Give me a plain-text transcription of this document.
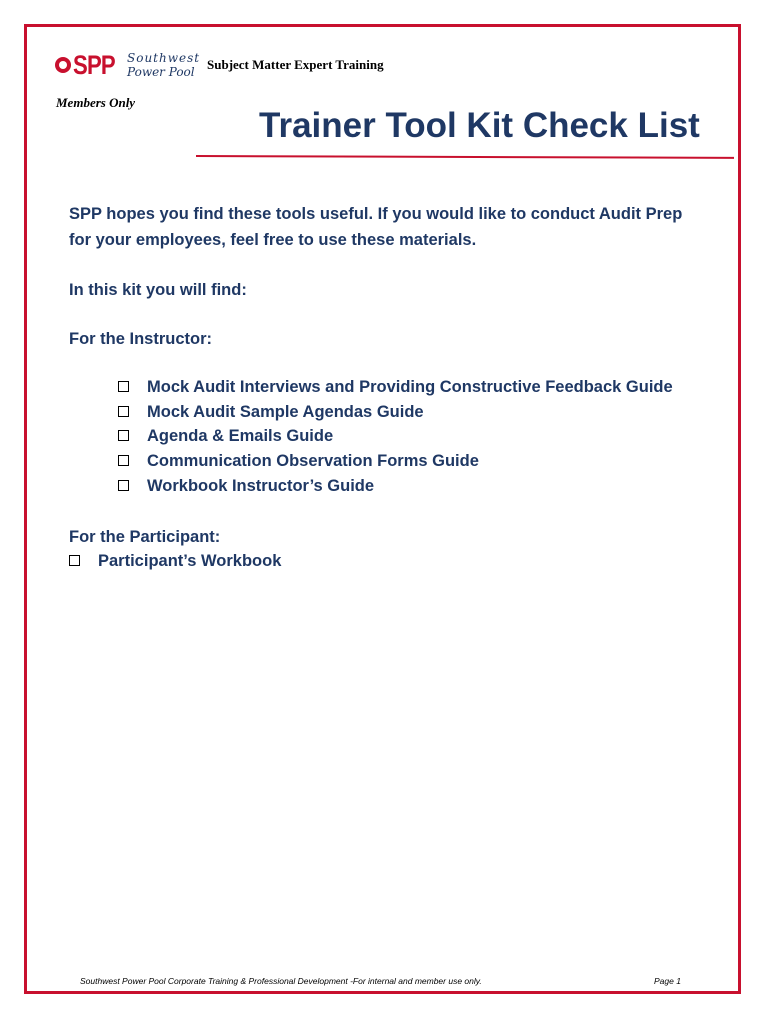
SPP Southwest
Power Pool Subject Matter Expert Training
Members Only
Trainer Tool Kit Check List
SPP hopes you find these tools useful. If you would like to conduct Audit Prep
for your employees, feel free to use these materials.
In this kit you will find:
For the Instructor:
Mock Audit Interviews and Providing Constructive Feedback Guide
Mock Audit Sample Agendas Guide
Agenda & Emails Guide
Communication Observation Forms Guide
Workbook Instructor’s Guide
For the Participant:
Participant’s Workbook
Southwest Power Pool Corporate Training & Professional Development -For internal and member use only.	Page 1
